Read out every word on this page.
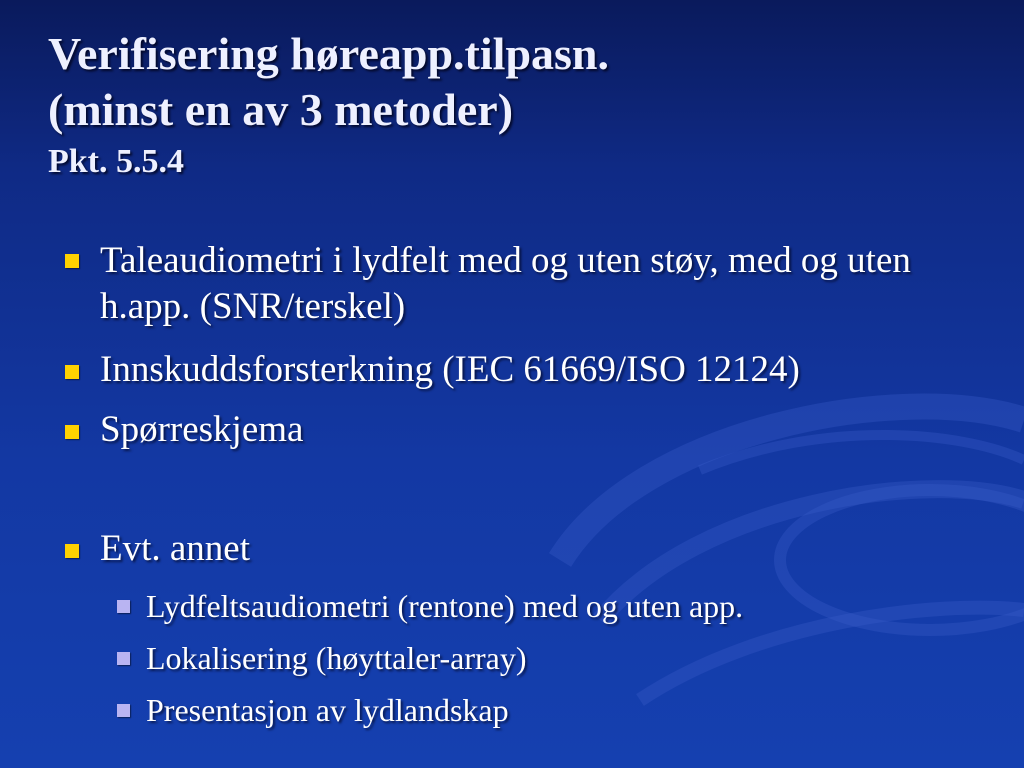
Verifisering høreapp.tilpasn.
(minst en av 3 metoder)
Pkt. 5.5.4
Taleaudiometri i lydfelt med og uten støy, med og uten h.app. (SNR/terskel)
Innskuddsforsterkning (IEC 61669/ISO 12124)
Spørreskjema
Evt. annet
Lydfeltsaudiometri (rentone) med og uten app.
Lokalisering (høyttaler-array)
Presentasjon av lydlandskap
